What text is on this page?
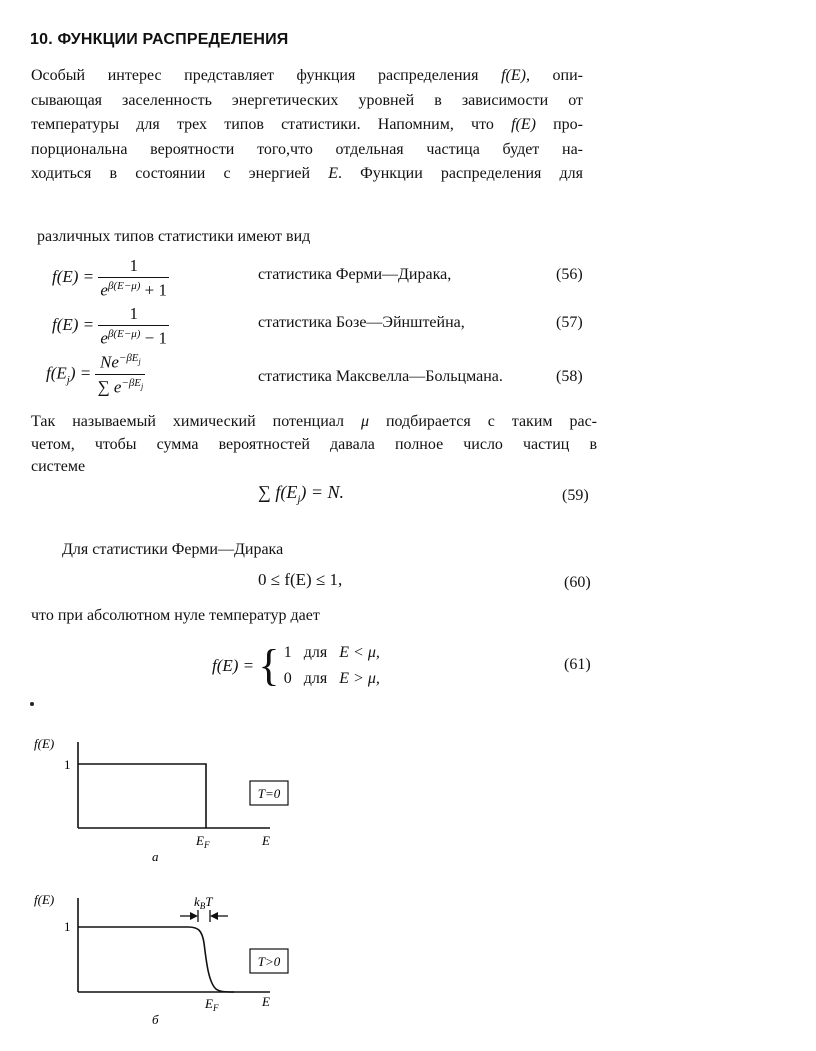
10. ФУНКЦИИ РАСПРЕДЕЛЕНИЯ
Особый интерес представляет функция распределения f(E), опи-
сывающая заселенность энергетических уровней в зависимости от
температуры для трех типов статистики. Напомним, что f(E) про-
порциональна вероятности того,что отдельная частица будет на-
ходиться в состоянии с энергией E. Функции распределения для
различных типов статистики имеют вид
$f(E) = \frac{1}{e^{\beta(E-\mu)} + 1}$	статистика Ферми—Дирака,	(56)
$f(E) = \frac{1}{e^{\beta(E-\mu)} - 1}$	статистика Бозе—Эйнштейна,	(57)
$f(E_j) = \frac{Ne^{-\beta E_j}}{\sum e^{-\beta E_j}}$	статистика Максвелла—Больцмана.	(58)
Так называемый химический потенциал μ подбирается с таким рас-
четом, чтобы сумма вероятностей давала полное число частиц в
системе
∑ $f(E_j) = N$.	(59)
Для статистики Ферми—Дирака
0 ≤ f(E) ≤ 1,	(60)
что при абсолютном нуле температур дает
f(E) = { 1 для E < μ,
0 для E > μ,
(61)
f(E)
1
T=0
$E_F$	E
а
f(E)
1
$k_BT$
T>0
$E_F$	E
б
